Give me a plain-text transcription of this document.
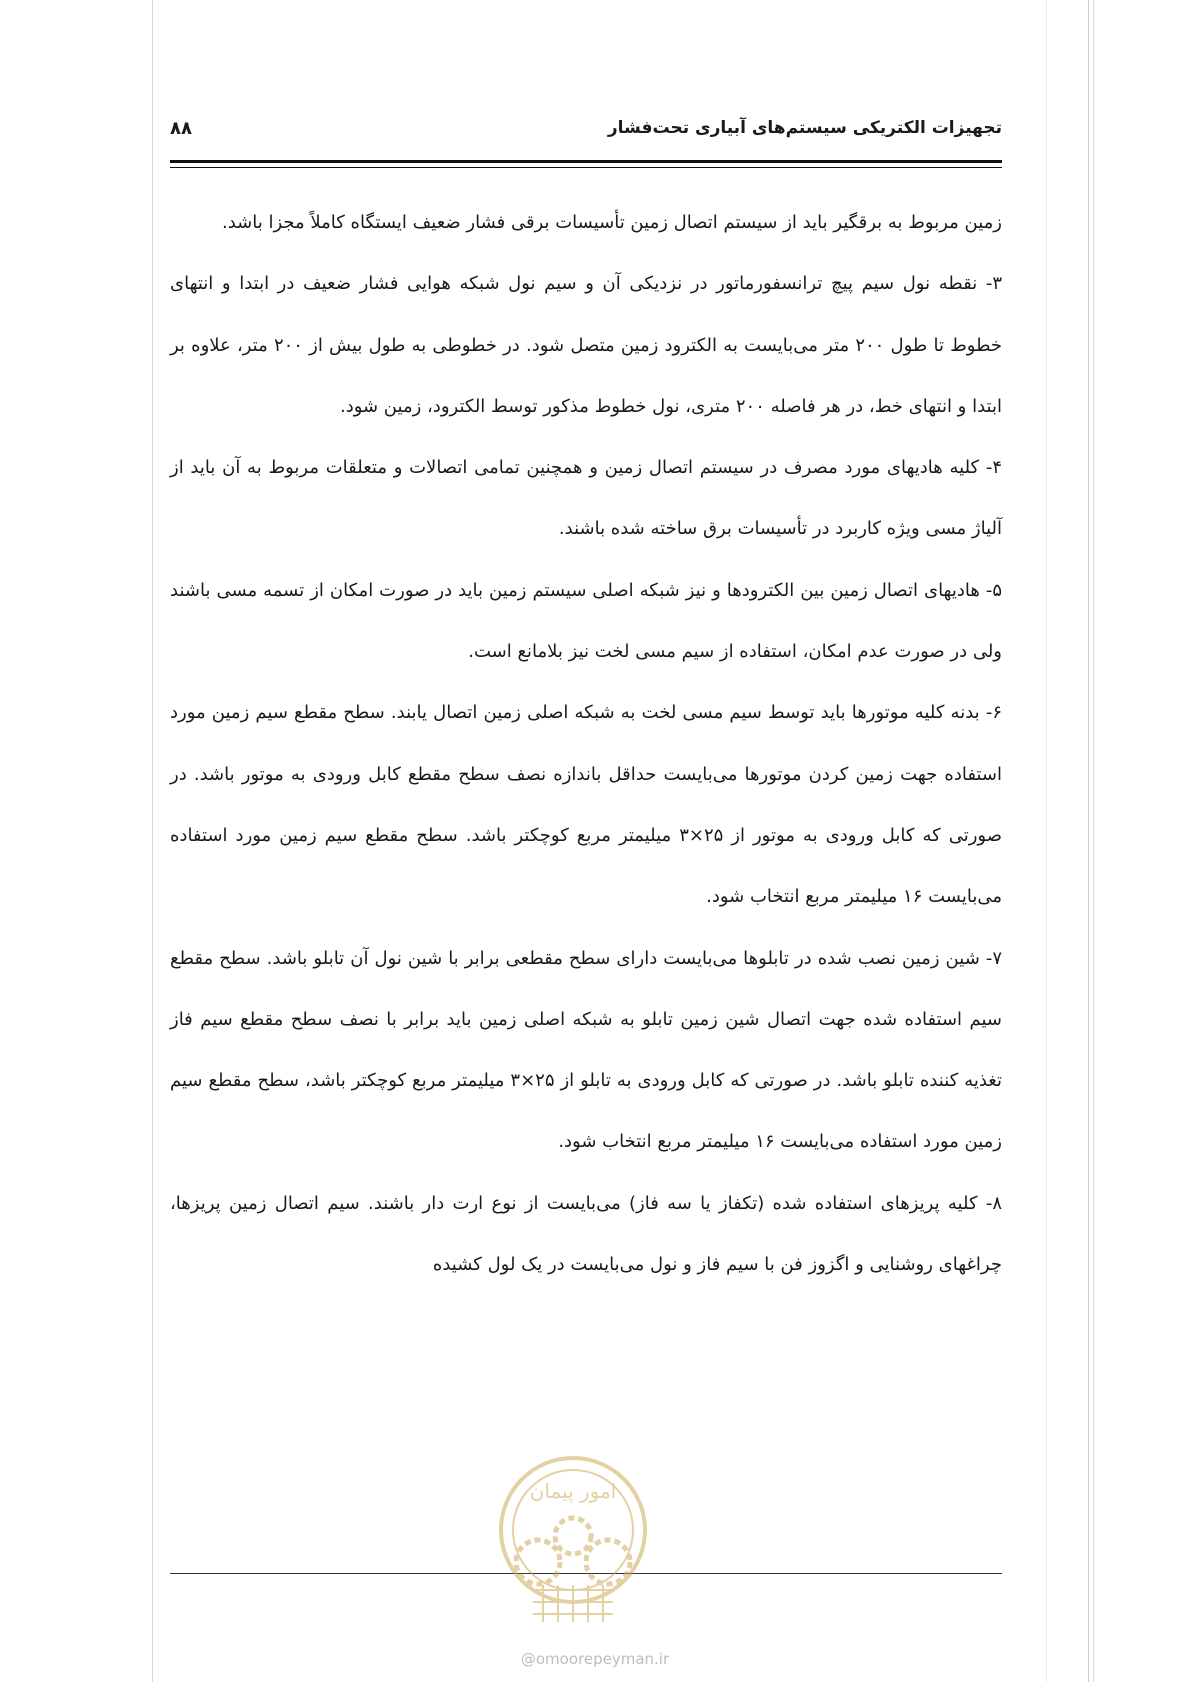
تجهیزات الکتریکی سیستم‌های آبیاری تحت‌فشار
۸۸

زمین مربوط به برقگیر باید از سیستم اتصال زمین تأسیسات برقی فشار ضعیف ایستگاه کاملاً مجزا باشد.

۳- نقطه نول سیم پیچ ترانسفورماتور در نزدیکی آن و سیم نول شبکه هوایی فشار ضعیف در ابتدا و انتهای خطوط تا طول ۲۰۰ متر می‌بایست به الکترود زمین متصل شود. در خطوطی به طول بیش از ۲۰۰ متر، علاوه بر ابتدا و انتهای خط، در هر فاصله ۲۰۰ متری، نول خطوط مذکور توسط الکترود، زمین شود.

۴- کلیه هادیهای مورد مصرف در سیستم اتصال زمین و همچنین تمامی اتصالات و متعلقات مربوط به آن باید از آلیاژ مسی ویژه کاربرد در تأسیسات برق ساخته شده باشند.

۵- هادیهای اتصال زمین بین الکترودها و نیز شبکه اصلی سیستم زمین باید در صورت امکان از تسمه مسی باشند ولی در صورت عدم امکان، استفاده از سیم مسی لخت نیز بلامانع است.

۶- بدنه کلیه موتورها باید توسط سیم مسی لخت به شبکه اصلی زمین اتصال یابند. سطح مقطع سیم زمین مورد استفاده جهت زمین کردن موتورها می‌بایست حداقل باندازه نصف سطح مقطع کابل ورودی به موتور باشد. در صورتی که کابل ورودی به موتور از ۲۵×۳ میلیمتر مربع کوچکتر باشد. سطح مقطع سیم زمین مورد استفاده می‌بایست ۱۶ میلیمتر مربع انتخاب شود.

۷- شین زمین نصب شده در تابلوها می‌بایست دارای سطح مقطعی برابر با شین نول آن تابلو باشد. سطح مقطع سیم استفاده شده جهت اتصال شین زمین تابلو به شبکه اصلی زمین باید برابر با نصف سطح مقطع سیم فاز تغذیه کننده تابلو باشد. در صورتی که کابل ورودی به تابلو از ۲۵×۳ میلیمتر مربع کوچکتر باشد، سطح مقطع سیم زمین مورد استفاده می‌بایست ۱۶ میلیمتر مربع انتخاب شود.

۸- کلیه پریزهای استفاده شده (تکفاز یا سه فاز) می‌بایست از نوع ارت دار باشند. سیم اتصال زمین پریزها، چراغهای روشنایی و اگزوز فن با سیم فاز و نول می‌بایست در یک لول کشیده

امور پیمان
@omoorepeyman.ir
